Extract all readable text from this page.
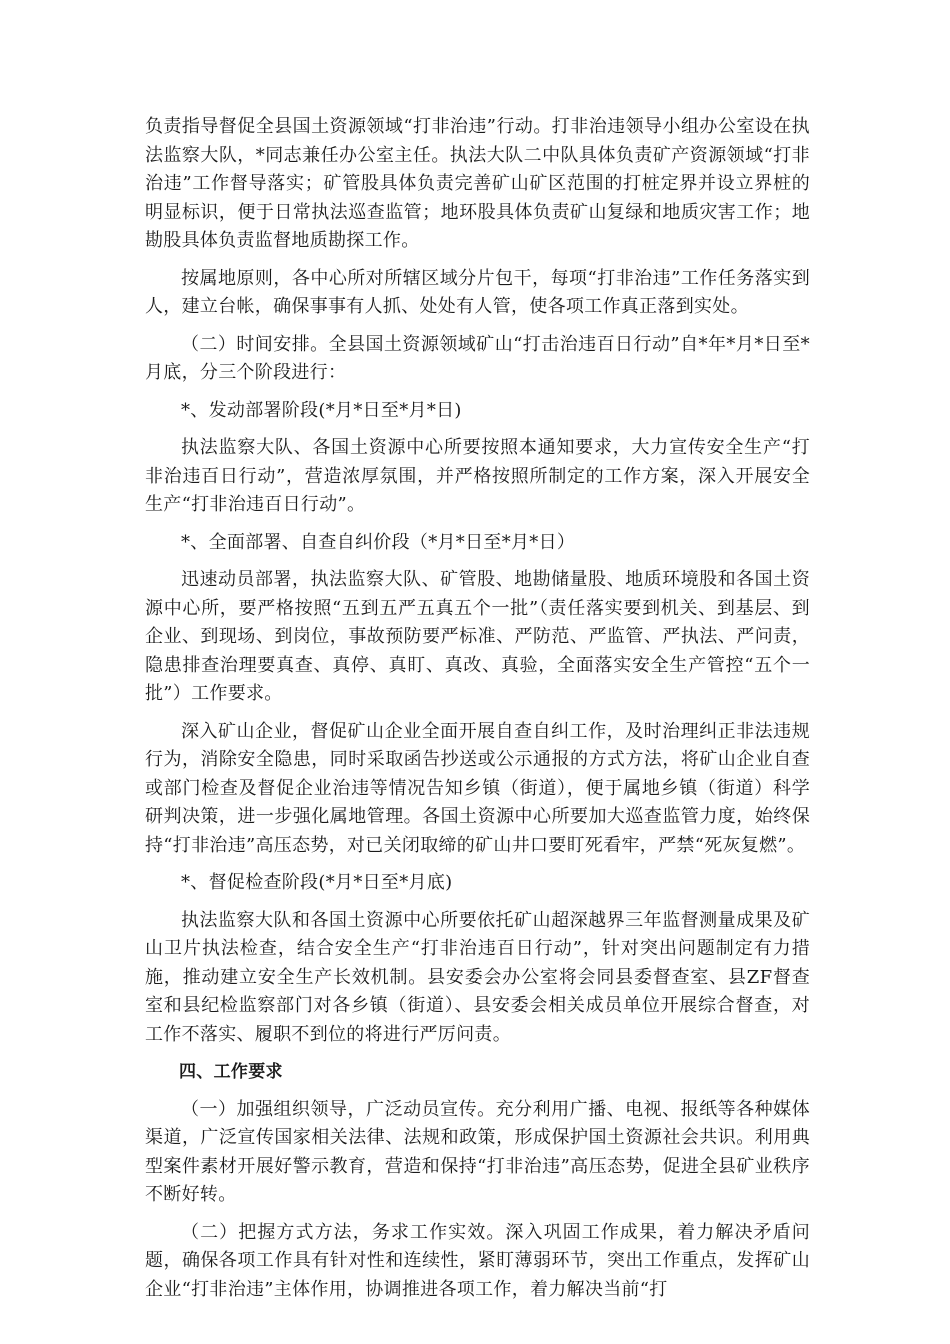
负责指导督促全县国土资源领域“打非治违”行动。打非治违领导小组办公室设在执法监察大队，*同志兼任办公室主任。执法大队二中队具体负责矿产资源领域“打非治违”工作督导落实；矿管股具体负责完善矿山矿区范围的打桩定界并设立界桩的明显标识，便于日常执法巡查监管；地环股具体负责矿山复绿和地质灾害工作；地勘股具体负责监督地质勘探工作。

按属地原则，各中心所对所辖区域分片包干，每项“打非治违”工作任务落实到人，建立台帐，确保事事有人抓、处处有人管，使各项工作真正落到实处。

（二）时间安排。全县国土资源领域矿山“打击治违百日行动”自*年*月*日至*月底，分三个阶段进行：

*、发动部署阶段(*月*日至*月*日)

执法监察大队、各国土资源中心所要按照本通知要求，大力宣传安全生产“打非治违百日行动”，营造浓厚氛围，并严格按照所制定的工作方案，深入开展安全生产“打非治违百日行动”。

*、全面部署、自查自纠价段（*月*日至*月*日）

迅速动员部署，执法监察大队、矿管股、地勘储量股、地质环境股和各国土资源中心所，要严格按照“五到五严五真五个一批”（责任落实要到机关、到基层、到企业、到现场、到岗位，事故预防要严标准、严防范、严监管、严执法、严问责，隐患排查治理要真查、真停、真盯、真改、真验，全面落实安全生产管控“五个一批”）工作要求。

深入矿山企业，督促矿山企业全面开展自查自纠工作，及时治理纠正非法违规行为，消除安全隐患，同时采取函告抄送或公示通报的方式方法，将矿山企业自查或部门检查及督促企业治违等情况告知乡镇（街道），便于属地乡镇（街道）科学研判决策，进一步强化属地管理。各国土资源中心所要加大巡查监管力度，始终保持“打非治违”高压态势，对已关闭取缔的矿山井口要盯死看牢，严禁“死灰复燃”。

*、督促检查阶段(*月*日至*月底)

执法监察大队和各国土资源中心所要依托矿山超深越界三年监督测量成果及矿山卫片执法检查，结合安全生产“打非治违百日行动”，针对突出问题制定有力措施，推动建立安全生产长效机制。县安委会办公室将会同县委督查室、县ZF督查室和县纪检监察部门对各乡镇（街道）、县安委会相关成员单位开展综合督查，对工作不落实、履职不到位的将进行严厉问责。

四、工作要求

（一）加强组织领导，广泛动员宣传。充分利用广播、电视、报纸等各种媒体渠道，广泛宣传国家相关法律、法规和政策，形成保护国土资源社会共识。利用典型案件素材开展好警示教育，营造和保持“打非治违”高压态势，促进全县矿业秩序不断好转。

（二）把握方式方法，务求工作实效。深入巩固工作成果，着力解决矛盾问题，确保各项工作具有针对性和连续性，紧盯薄弱环节，突出工作重点，发挥矿山企业“打非治违”主体作用，协调推进各项工作，着力解决当前“打
